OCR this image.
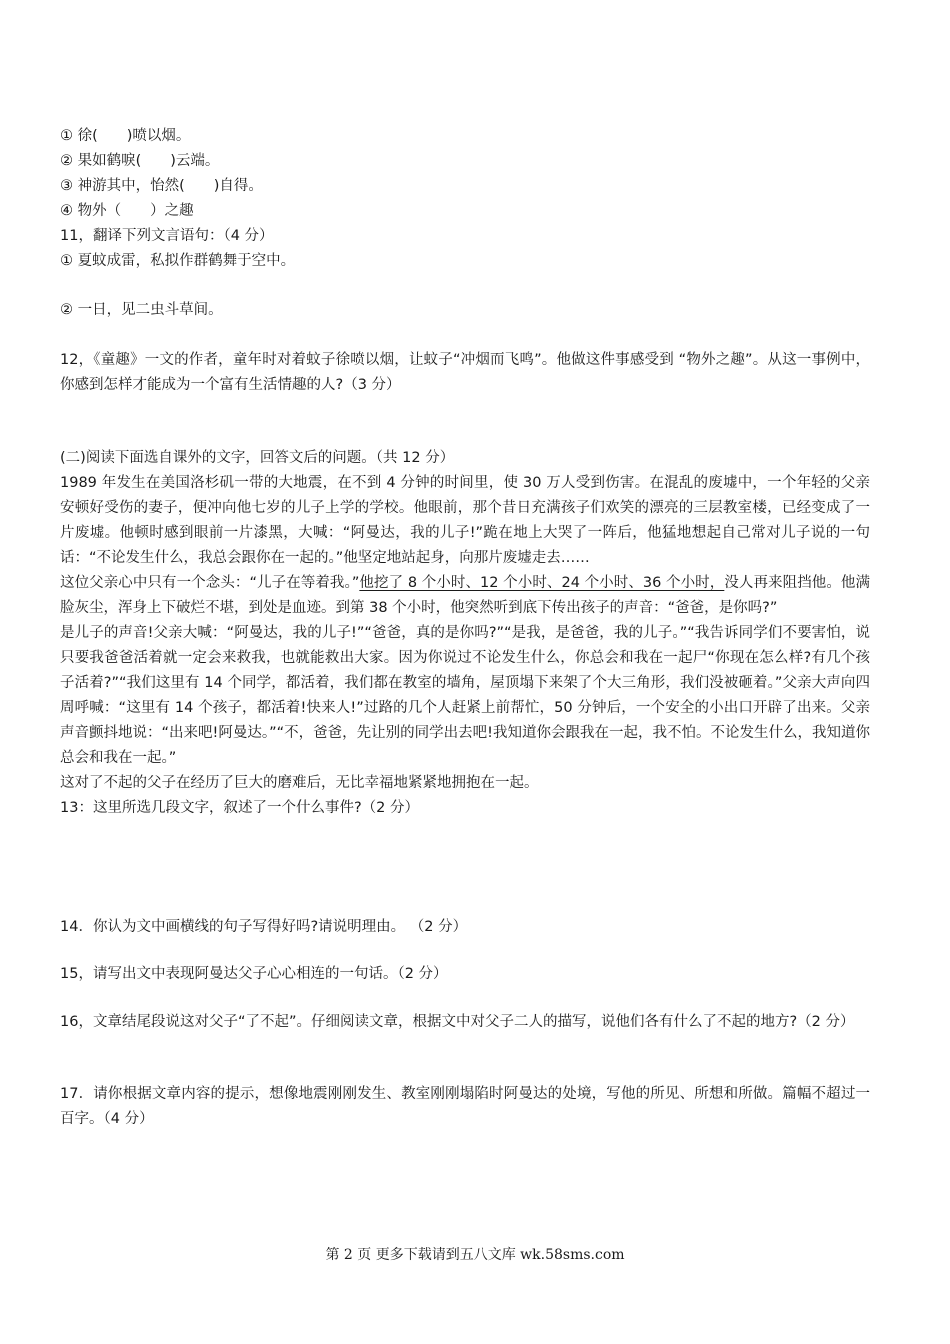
① 徐(　　)喷以烟。
② 果如鹤唳(　　)云端。
③ 神游其中，怡然(　　)自得。
④ 物外（　　）之趣
11，翻译下列文言语句：（4 分）
① 夏蚊成雷，私拟作群鹤舞于空中。
② 一日，见二虫斗草间。
12，《童趣》一文的作者，童年时对着蚊子徐喷以烟，让蚊子“冲烟而飞鸣”。他做这件事感受到 “物外之趣”。从这一事例中，你感到怎样才能成为一个富有生活情趣的人?（3 分）
(二)阅读下面选自课外的文字，回答文后的问题。（共 12 分）
1989 年发生在美国洛杉矶一带的大地震，在不到 4 分钟的时间里，使 30 万人受到伤害。在混乱的废墟中，一个年轻的父亲安顿好受伤的妻子，便冲向他七岁的儿子上学的学校。他眼前，那个昔日充满孩子们欢笑的漂亮的三层教室楼，已经变成了一片废墟。他顿时感到眼前一片漆黑，大喊：“阿曼达，我的儿子!”跪在地上大哭了一阵后，他猛地想起自己常对儿子说的一句话：“不论发生什么，我总会跟你在一起的。”他坚定地站起身，向那片废墟走去……
这位父亲心中只有一个念头：“儿子在等着我。”他挖了 8 个小时、12 个小时、24 个小时、36 个小时，没人再来阻挡他。他满脸灰尘，浑身上下破烂不堪，到处是血迹。到第 38 个小时，他突然听到底下传出孩子的声音：“爸爸，是你吗?”
是儿子的声音!父亲大喊：“阿曼达，我的儿子!”“爸爸，真的是你吗?”“是我，是爸爸，我的儿子。”“我告诉同学们不要害怕，说只要我爸爸活着就一定会来救我，也就能救出大家。因为你说过不论发生什么，你总会和我在一起尸“你现在怎么样?有几个孩子活着?”“我们这里有 14 个同学，都活着，我们都在教室的墙角，屋顶塌下来架了个大三角形，我们没被砸着。”父亲大声向四周呼喊：“这里有 14 个孩子，都活着!快来人!”过路的几个人赶紧上前帮忙，50 分钟后，一个安全的小出口开辟了出来。父亲声音颤抖地说：“出来吧!阿曼达。”“不，爸爸，先让别的同学出去吧!我知道你会跟我在一起，我不怕。不论发生什么，我知道你总会和我在一起。”
这对了不起的父子在经历了巨大的磨难后，无比幸福地紧紧地拥抱在一起。
13：这里所选几段文字，叙述了一个什么事件?（2 分）
14．你认为文中画横线的句子写得好吗?请说明理由。 （2 分）
15，请写出文中表现阿曼达父子心心相连的一句话。（2 分）
16，文章结尾段说这对父子“了不起”。仔细阅读文章，根据文中对父子二人的描写，说他们各有什么了不起的地方?（2 分）
17．请你根据文章内容的提示，想像地震刚刚发生、教室刚刚塌陷时阿曼达的处境，写他的所见、所想和所做。篇幅不超过一百字。（4 分）
第 2 页 更多下载请到五八文库 wk.58sms.com
